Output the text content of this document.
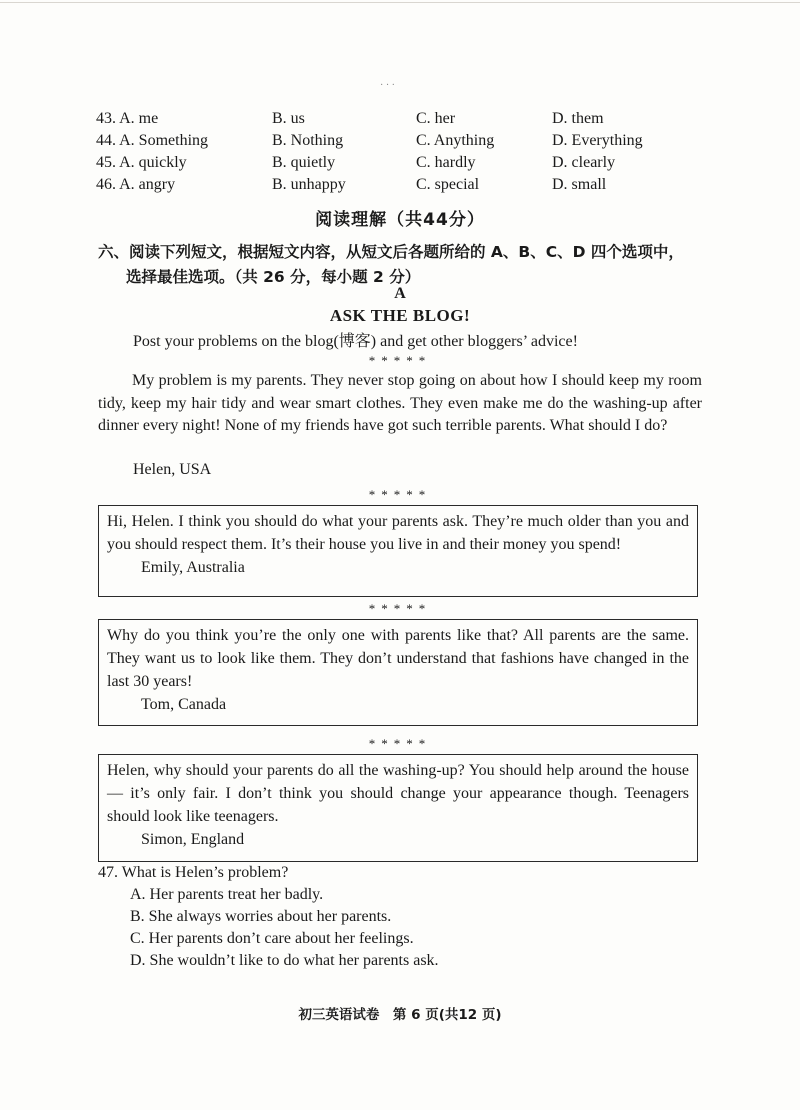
· · ·
43. A. me	B. us	C. her	D. them
44. A. Something	B. Nothing	C. Anything	D. Everything
45. A. quickly	B. quietly	C. hardly	D. clearly
46. A. angry	B. unhappy	C. special	D. small
阅读理解（共44分）
六、阅读下列短文，根据短文内容，从短文后各题所给的 A、B、C、D 四个选项中，
选择最佳选项。（共 26 分，每小题 2 分）
A
ASK THE BLOG!
Post your problems on the blog(博客) and get other bloggers’ advice!
*****
My problem is my parents. They never stop going on about how I should keep my room tidy, keep my hair tidy and wear smart clothes. They even make me do the washing-up after dinner every night! None of my friends have got such terrible parents. What should I do?
Helen, USA
*****
Hi, Helen. I think you should do what your parents ask. They’re much older than you and you should respect them. It’s their house you live in and their money you spend!
Emily, Australia
*****
Why do you think you’re the only one with parents like that? All parents are the same. They want us to look like them. They don’t understand that fashions have changed in the last 30 years!
Tom, Canada
*****
Helen, why should your parents do all the washing-up? You should help around the house — it’s only fair. I don’t think you should change your appearance though. Teenagers should look like teenagers.
Simon, England
47. What is Helen’s problem?
A. Her parents treat her badly.
B. She always worries about her parents.
C. Her parents don’t care about her feelings.
D. She wouldn’t like to do what her parents ask.
初三英语试卷　第 6 页(共12 页)
